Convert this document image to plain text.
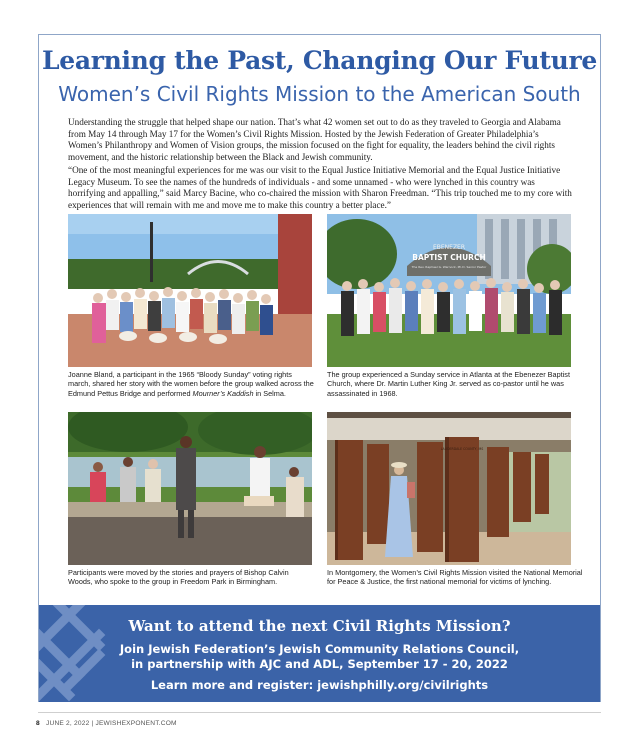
Learning the Past, Changing Our Future
Women’s Civil Rights Mission to the American South

Understanding the struggle that helped shape our nation. That’s what 42 women set out to do as they traveled to Georgia and Alabama from May 14 through May 17 for the Women’s Civil Rights Mission. Hosted by the Jewish Federation of Greater Philadelphia’s Women’s Philanthropy and Women of Vision groups, the mission focused on the fight for equality, the leaders behind the civil rights movement, and the historic relationship between the Black and Jewish community.

“One of the most meaningful experiences for me was our visit to the Equal Justice Initiative Memorial and the Equal Justice Initiative Legacy Museum. To see the names of the hundreds of individuals - and some unnamed - who were lynched in this country was horrifying and appalling,” said Marcy Bacine, who co-chaired the mission with Sharon Freedman. “This trip touched me to my core with experiences that will remain with me and move me to make this country a better place.”

Joanne Bland, a participant in the 1965 “Bloody Sunday” voting rights march, shared her story with the women before the group walked across the Edmund Pettus Bridge and performed Mourner’s Kaddish in Selma.

EBENEZER
BAPTIST CHURCH
The Rev. Raphael G. Warnock, Ph.D. Senior Pastor

The group experienced a Sunday service in Atlanta at the Ebenezer Baptist Church, where Dr. Martin Luther King Jr. served as co-pastor until he was assassinated in 1968.

Participants were moved by the stories and prayers of Bishop Calvin Woods, who spoke to the group in Freedom Park in Birmingham.

LAUDERDALE COUNTY, MS

In Montgomery, the Women’s Civil Rights Mission visited the National Memorial for Peace & Justice, the first national memorial for victims of lynching.

Want to attend the next Civil Rights Mission?
Join Jewish Federation’s Jewish Community Relations Council,
in partnership with AJC and ADL, September 17 - 20, 2022
Learn more and register: jewishphilly.org/civilrights
8 JUNE 2, 2022 | JEWISHEXPONENT.COM
